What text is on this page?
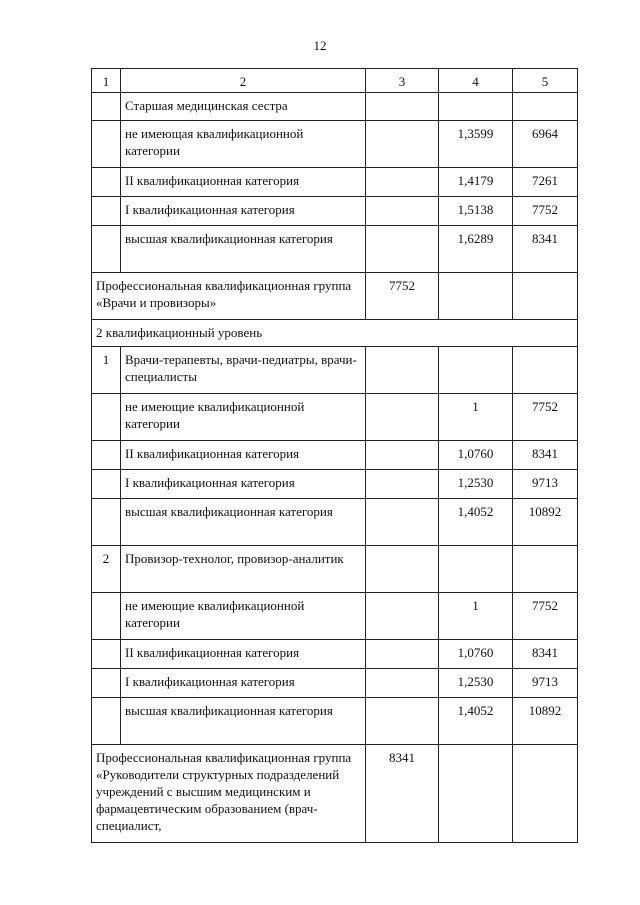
12
1	2	3	4	5
	Старшая медицинская сестра			
	не имеющая квалификационной категории		1,3599	6964
	II квалификационная категория		1,4179	7261
	I квалификационная категория		1,5138	7752
	высшая квалификационная категория		1,6289	8341
Профессиональная квалификационная группа «Врачи и провизоры»		7752		
2 квалификационный уровень				
1	Врачи-терапевты, врачи-педиатры, врачи-специалисты			
	не имеющие квалификационной категории		1	7752
	II квалификационная категория		1,0760	8341
	I квалификационная категория		1,2530	9713
	высшая квалификационная категория		1,4052	10892
2	Провизор-технолог, провизор-аналитик			
	не имеющие квалификационной категории		1	7752
	II квалификационная категория		1,0760	8341
	I квалификационная категория		1,2530	9713
	высшая квалификационная категория		1,4052	10892
Профессиональная квалификационная группа «Руководители структурных подразделений учреждений с высшим медицинским и фармацевтическим образованием (врач-специалист,		8341		
